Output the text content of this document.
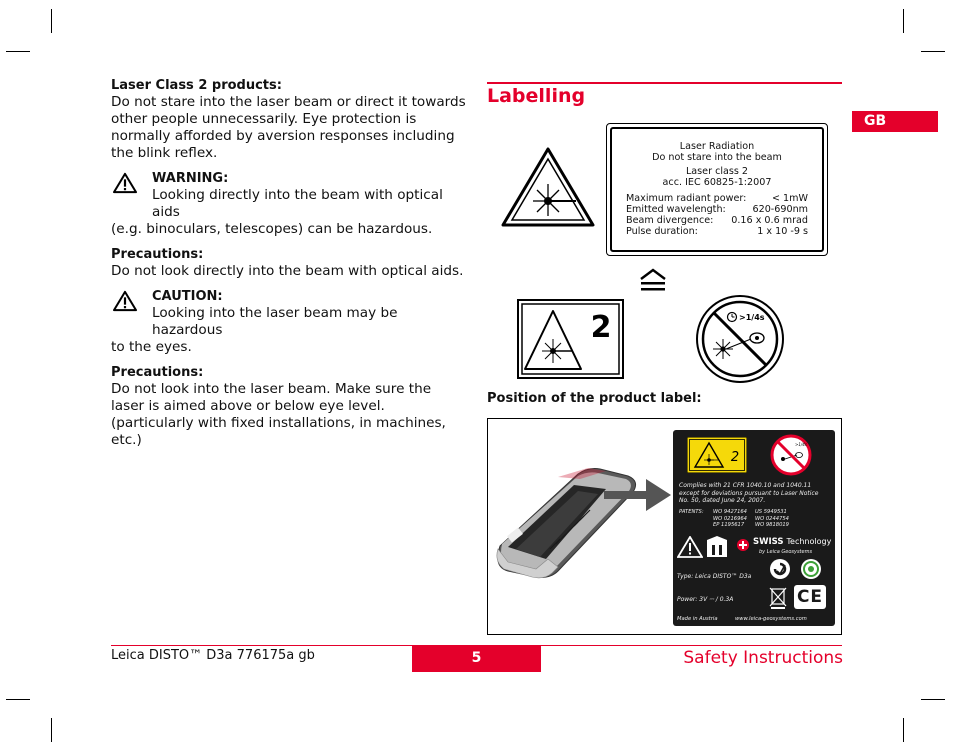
Laser Class 2 products:

Do not stare into the laser beam or direct it towards other people unnecessarily. Eye protection is normally afforded by aversion responses including the blink reflex.

WARNING:
Looking directly into the beam with optical aids
(e.g. binoculars, telescopes) can be hazardous.
Precautions:

Do not look directly into the beam with optical aids.

CAUTION:
Looking into the laser beam may be hazardous
to the eyes.
Precautions:

Do not look into the laser beam. Make sure the laser is aimed above or below eye level. (particularly with fixed installations, in machines, etc.)

Labelling
GB
Laser Radiation
Do not stare into the beam
Laser class 2
acc. IEC 60825-1:2007
Maximum radiant power:	< 1mW
Emitted wavelength:	620-690nm
Beam divergence: 0.16 x 0.6 mrad
Pulse duration:	1 x 10 -9 s
2	>1/4s
Position of the product label:
2
>1/4s
Complies with 21 CFR 1040.10 and 1040.11
except for deviations pursuant to Laser Notice
No. 50, dated June 24, 2007.
PATENTS:	WO 9427164	US 5949531
WO 0216964	WO 0244754
EP 1195617	WO 9818019
SWISS Technology
by Leica Geosystems
Type: Leica DISTO™ D3a
Power: 3V ⎓ / 0.3A	CE
Made in Austria	www.leica-geosystems.com
Leica DISTO™ D3a 776175a gb	5	Safety Instructions
